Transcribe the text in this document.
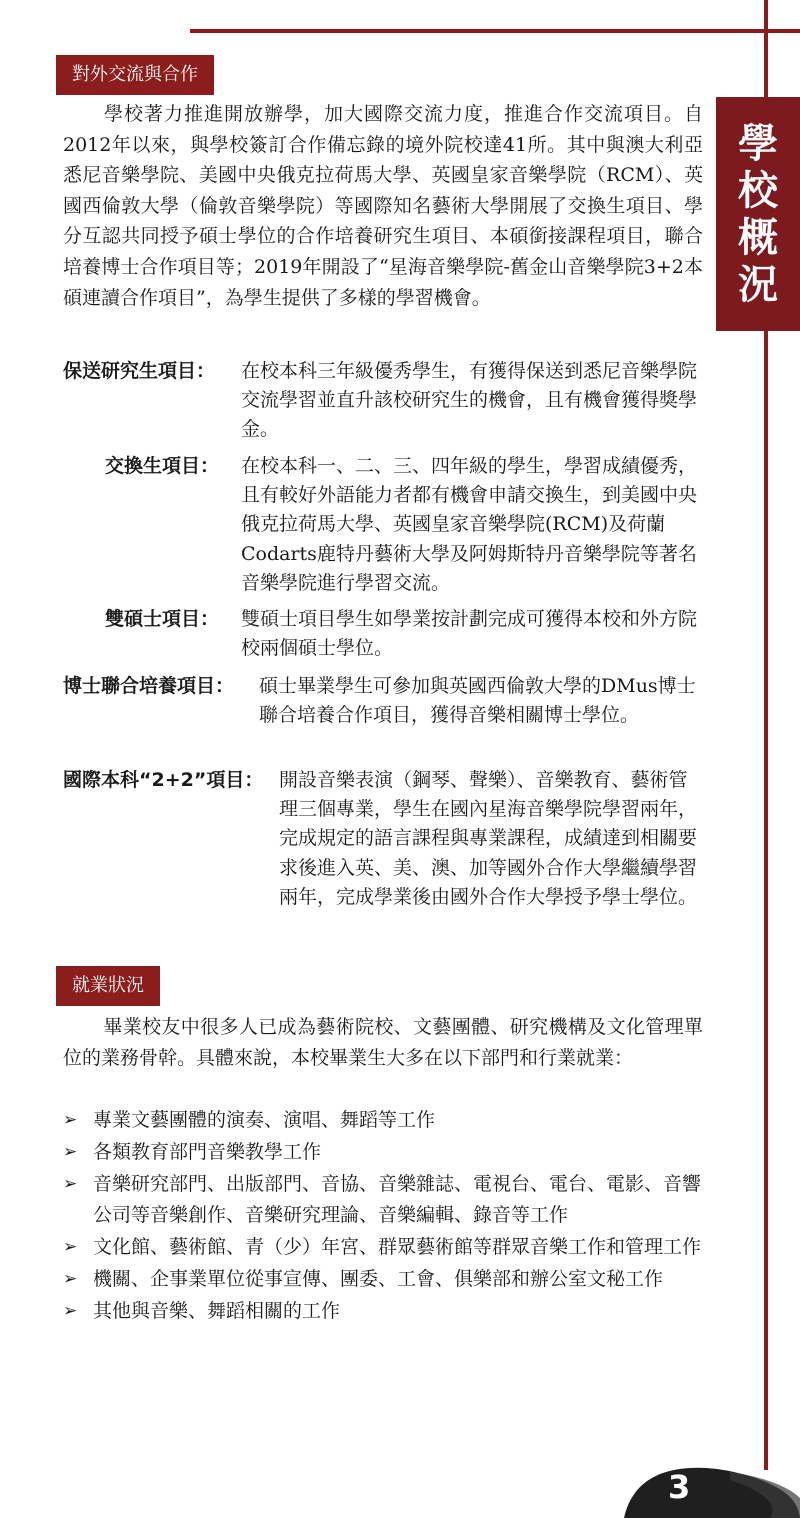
學
校
概
況
對外交流與合作
學校著力推進開放辦學，加大國際交流力度，推進合作交流項目。自2012年以來，與學校簽訂合作備忘錄的境外院校達41所。其中與澳大利亞悉尼音樂學院、美國中央俄克拉荷馬大學、英國皇家音樂學院（RCM）、英國西倫敦大學（倫敦音樂學院）等國際知名藝術大學開展了交換生項目、學分互認共同授予碩士學位的合作培養研究生項目、本碩銜接課程項目，聯合培養博士合作項目等；2019年開設了“星海音樂學院-舊金山音樂學院3+2本碩連讀合作項目”，為學生提供了多樣的學習機會。
保送研究生項目：	在校本科三年級優秀學生，有獲得保送到悉尼音樂學院交流學習並直升該校研究生的機會，且有機會獲得獎學金。
交換生項目：	在校本科一、二、三、四年級的學生，學習成績優秀，且有較好外語能力者都有機會申請交換生，到美國中央俄克拉荷馬大學、英國皇家音樂學院(RCM)及荷蘭Codarts鹿特丹藝術大學及阿姆斯特丹音樂學院等著名音樂學院進行學習交流。
雙碩士項目：	雙碩士項目學生如學業按計劃完成可獲得本校和外方院校兩個碩士學位。
博士聯合培養項目：	碩士畢業學生可參加與英國西倫敦大學的DMus博士聯合培養合作項目，獲得音樂相關博士學位。
國際本科“2+2”項目： 開設音樂表演（鋼琴、聲樂）、音樂教育、藝術管理三個專業，學生在國內星海音樂學院學習兩年，完成規定的語言課程與專業課程，成績達到相關要求後進入英、美、澳、加等國外合作大學繼續學習兩年，完成學業後由國外合作大學授予學士學位。
就業狀況
畢業校友中很多人已成為藝術院校、文藝團體、研究機構及文化管理單位的業務骨幹。具體來說，本校畢業生大多在以下部門和行業就業：
➢ 專業文藝團體的演奏、演唱、舞蹈等工作
➢ 各類教育部門音樂教學工作
➢ 音樂研究部門、出版部門、音協、音樂雜誌、電視台、電台、電影、音響公司等音樂創作、音樂研究理論、音樂編輯、錄音等工作
➢ 文化館、藝術館、青（少）年宮、群眾藝術館等群眾音樂工作和管理工作
➢ 機關、企事業單位從事宣傳、團委、工會、俱樂部和辦公室文秘工作
➢ 其他與音樂、舞蹈相關的工作
3
